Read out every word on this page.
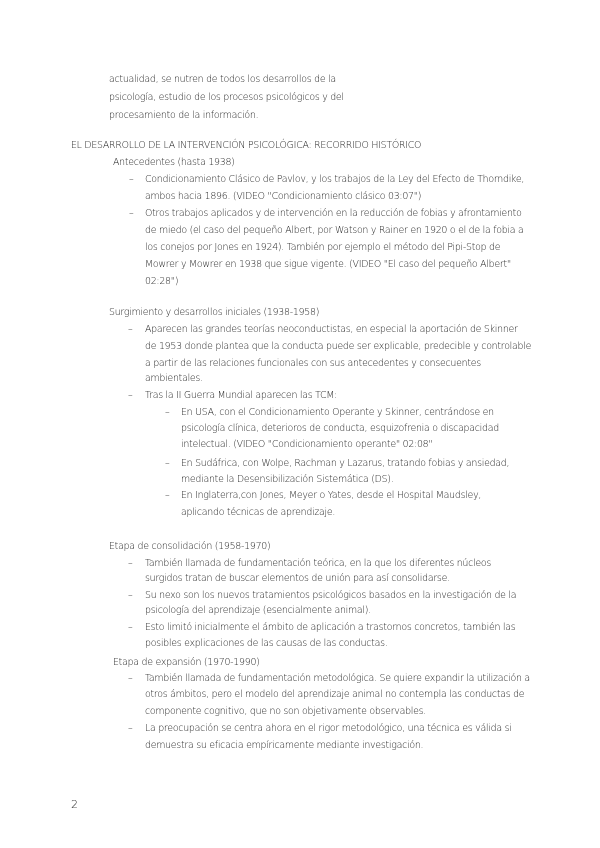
actualidad, se nutren de todos los desarrollos de la
psicología, estudio de los procesos psicológicos y del
procesamiento de la información.
EL DESARROLLO DE LA INTERVENCIÓN PSICOLÓGICA: RECORRIDO HISTÓRICO
Antecedentes (hasta 1938)
– Condicionamiento Clásico de Pavlov, y los trabajos de la Ley del Efecto de Thorndike,
ambos hacia 1896. (VIDEO "Condicionamiento clásico 03:07")
– Otros trabajos aplicados y de intervención en la reducción de fobias y afrontamiento
de miedo (el caso del pequeño Albert, por Watson y Rainer en 1920 o el de la fobia a
los conejos por Jones en 1924). También por ejemplo el método del Pipi-Stop de
Mowrer y Mowrer en 1938 que sigue vigente. (VIDEO "El caso del pequeño Albert"
02:28")
Surgimiento y desarrollos iniciales (1938-1958)
– Aparecen las grandes teorías neoconductistas, en especial la aportación de Skinner
de 1953 donde plantea que la conducta puede ser explicable, predecible y controlable
a partir de las relaciones funcionales con sus antecedentes y consecuentes
ambientales.
– Tras la II Guerra Mundial aparecen las TCM:
– En USA, con el Condicionamiento Operante y Skinner, centrándose en
psicología clínica, deterioros de conducta, esquizofrenia o discapacidad
intelectual. (VIDEO "Condicionamiento operante" 02:08"
– En Sudáfrica, con Wolpe, Rachman y Lazarus, tratando fobias y ansiedad,
mediante la Desensibilización Sistemática (DS).
– En Inglaterra,con Jones, Meyer o Yates, desde el Hospital Maudsley,
aplicando técnicas de aprendizaje.
Etapa de consolidación (1958-1970)
– También llamada de fundamentación teórica, en la que los diferentes núcleos
surgidos tratan de buscar elementos de unión para así consolidarse.
– Su nexo son los nuevos tratamientos psicológicos basados en la investigación de la
psicología del aprendizaje (esencialmente animal).
– Esto limitó inicialmente el ámbito de aplicación a trastornos concretos, también las
posibles explicaciones de las causas de las conductas.
Etapa de expansión (1970-1990)
– También llamada de fundamentación metodológica. Se quiere expandir la utilización a
otros ámbitos, pero el modelo del aprendizaje animal no contempla las conductas de
componente cognitivo, que no son objetivamente observables.
– La preocupación se centra ahora en el rigor metodológico, una técnica es válida si
demuestra su eficacia empíricamente mediante investigación.
2
